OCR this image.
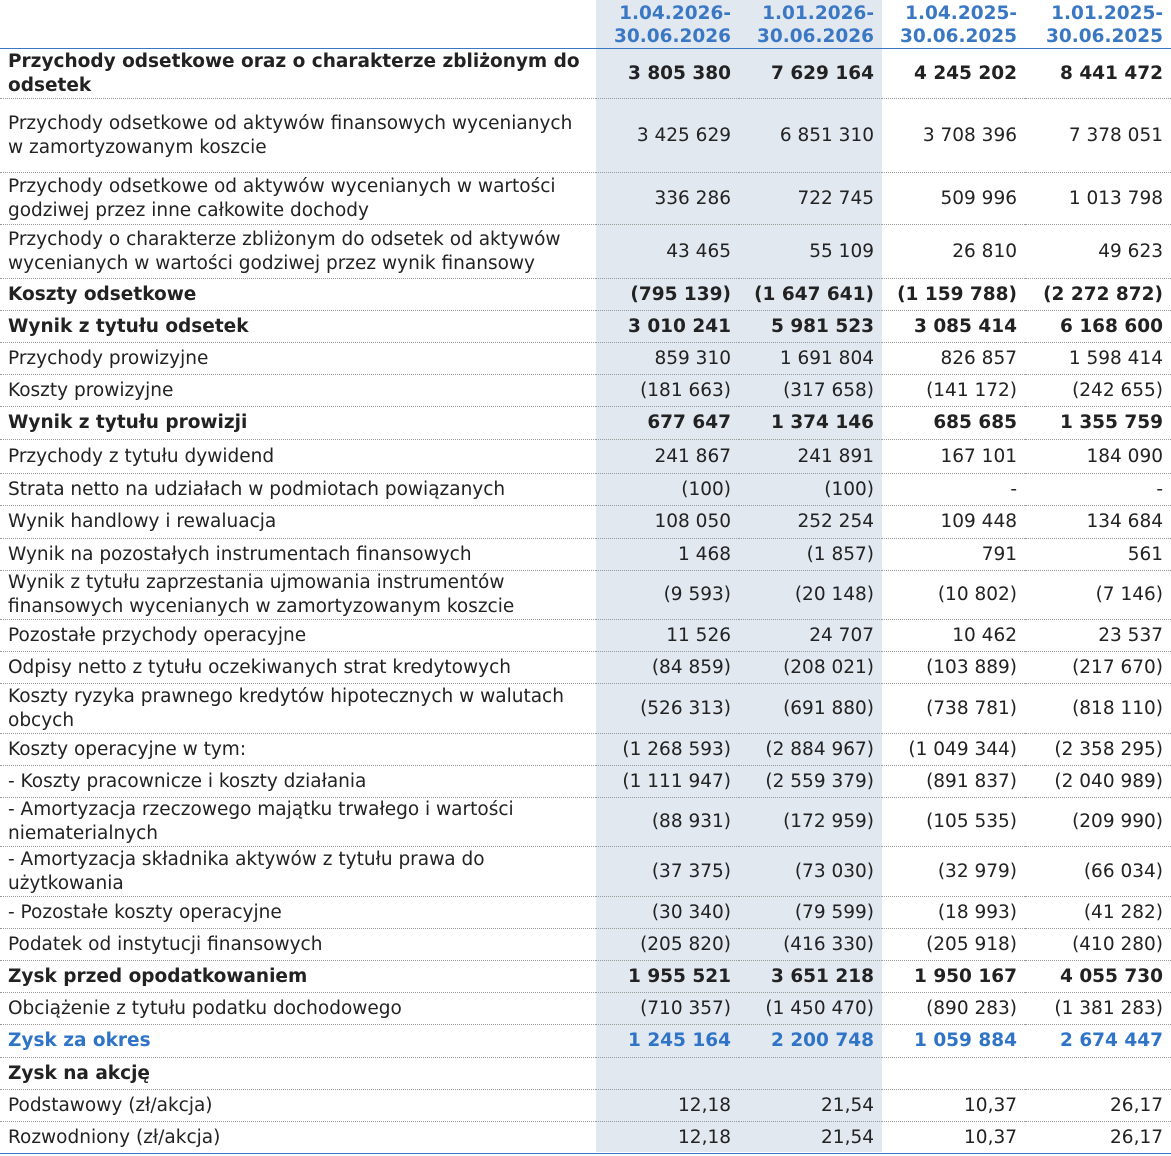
	1.04.2026-
30.06.2026	1.01.2026-
30.06.2026	1.04.2025-
30.06.2025	1.01.2025-
30.06.2025

Przychody odsetkowe oraz o charakterze zbliżonym do odsetek	3 805 380	7 629 164	4 245 202	8 441 472
Przychody odsetkowe od aktywów finansowych wycenianych
w zamortyzowanym koszcie	3 425 629	6 851 310	3 708 396	7 378 051
Przychody odsetkowe od aktywów wycenianych w wartości godziwej przez inne całkowite dochody	336 286	722 745	509 996	1 013 798
Przychody o charakterze zbliżonym do odsetek od aktywów wycenianych w wartości godziwej przez wynik finansowy	43 465	55 109	26 810	49 623
Koszty odsetkowe	(795 139)	(1 647 641)	(1 159 788)	(2 272 872)
Wynik z tytułu odsetek	3 010 241	5 981 523	3 085 414	6 168 600
Przychody prowizyjne	859 310	1 691 804	826 857	1 598 414
Koszty prowizyjne	(181 663)	(317 658)	(141 172)	(242 655)
Wynik z tytułu prowizji	677 647	1 374 146	685 685	1 355 759
Przychody z tytułu dywidend	241 867	241 891	167 101	184 090
Strata netto na udziałach w podmiotach powiązanych	(100)	(100)	-	-
Wynik handlowy i rewaluacja	108 050	252 254	109 448	134 684
Wynik na pozostałych instrumentach finansowych	1 468	(1 857)	791	561
Wynik z tytułu zaprzestania ujmowania instrumentów finansowych wycenianych w zamortyzowanym koszcie	(9 593)	(20 148)	(10 802)	(7 146)
Pozostałe przychody operacyjne	11 526	24 707	10 462	23 537
Odpisy netto z tytułu oczekiwanych strat kredytowych	(84 859)	(208 021)	(103 889)	(217 670)
Koszty ryzyka prawnego kredytów hipotecznych w walutach obcych	(526 313)	(691 880)	(738 781)	(818 110)
Koszty operacyjne w tym:	(1 268 593)	(2 884 967)	(1 049 344)	(2 358 295)
- Koszty pracownicze i koszty działania	(1 111 947)	(2 559 379)	(891 837)	(2 040 989)
- Amortyzacja rzeczowego majątku trwałego i wartości niematerialnych	(88 931)	(172 959)	(105 535)	(209 990)
- Amortyzacja składnika aktywów z tytułu prawa do użytkowania	(37 375)	(73 030)	(32 979)	(66 034)
- Pozostałe koszty operacyjne	(30 340)	(79 599)	(18 993)	(41 282)
Podatek od instytucji finansowych	(205 820)	(416 330)	(205 918)	(410 280)
Zysk przed opodatkowaniem	1 955 521	3 651 218	1 950 167	4 055 730
Obciążenie z tytułu podatku dochodowego	(710 357)	(1 450 470)	(890 283)	(1 381 283)
Zysk za okres	1 245 164	2 200 748	1 059 884	2 674 447
Zysk na akcję				
Podstawowy (zł/akcja)	12,18	21,54	10,37	26,17
Rozwodniony (zł/akcja)	12,18	21,54	10,37	26,17
